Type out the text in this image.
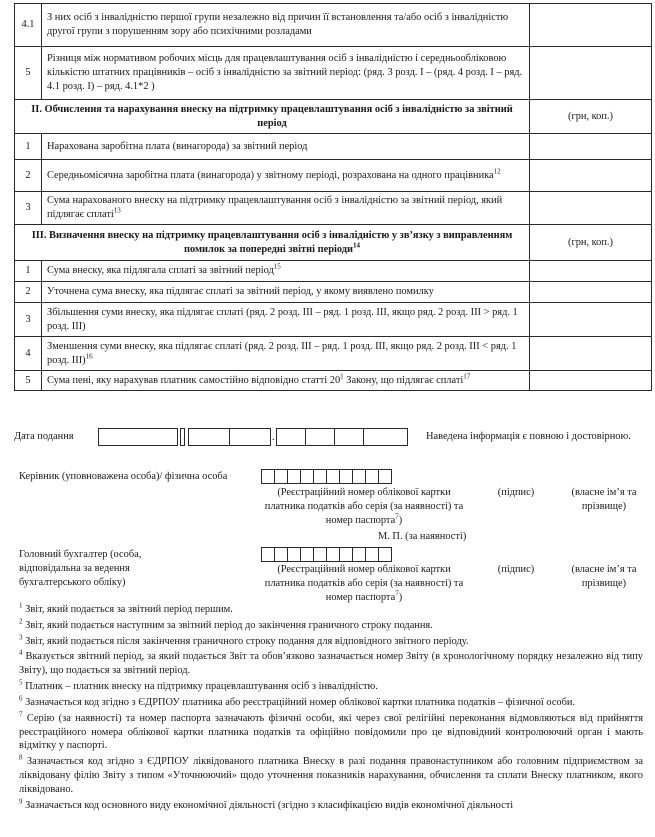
4.1	З них осіб з інвалідністю першої групи незалежно від причин її встановлення та/або осіб з інвалідністю другої групи з порушенням зору або психічними розладами	
5	Різниця між нормативом робочих місць для працевлаштування осіб з інвалідністю і середньообліковою кількістю штатних працівників – осіб з інвалідністю за звітний період: (ряд. 3 розд. І – (ряд. 4 розд. І – ряд. 4.1 розд. І) – ряд. 4.1*2 )	
ІІ. Обчислення та нарахування внеску на підтримку працевлаштування осіб з інвалідністю за звітний період		(грн, коп.)
1	Нарахована заробітна плата (винагорода) за звітний період	
2	Середньомісячна заробітна плата (винагорода) у звітному періоді, розрахована на одного працівника$^{12}$	
3	Сума нарахованого внеску на підтримку працевлаштування осіб з інвалідністю за звітний період, який підлягає сплаті$^{13}$	
ІІІ. Визначення внеску на підтримку працевлаштування осіб з інвалідністю у зв’язку з виправленням помилок за попередні звітні періоди$^{14}$		(грн, коп.)
1	Сума внеску, яка підлягала сплаті за звітний період$^{15}$	
2	Уточнена сума внеску, яка підлягає сплаті за звітний період, у якому виявлено помилку	
3	Збільшення суми внеску, яка підлягає сплаті (ряд. 2 розд. ІІІ – ряд. 1 розд. ІІІ, якщо ряд. 2 розд. ІІІ > ряд. 1 розд. ІІІ)	
4	Зменшення суми внеску, яка підлягає сплаті (ряд. 2 розд. ІІІ – ряд. 1 розд. ІІІ, якщо ряд. 2 розд. ІІІ < ряд. 1 розд. ІІІ)$^{16}$	
5	Сума пені, яку нарахував платник самостійно відповідно статті $20^1$ Закону, що підлягає сплаті$^{17}$	
Дата подання	.	.	Наведена інформація є повною і достовірною.
Керівник (уповноважена особа)/ фізична особа
(Реєстраційний номер облікової картки платника податків або серія (за наявності) та номер паспорта$^7$)
(підпис)	(власне ім’я та прізвище)
М. П. (за наявності)
Головний бухгалтер (особа, відповідальна за ведення бухгалтерського обліку)
(Реєстраційний номер облікової картки платника податків або серія (за наявності) та номер паспорта$^7$)
(підпис)	(власне ім’я та прізвище)

$^1$ Звіт, який подається за звітний період першим.

$^2$ Звіт, який подається наступним за звітний період до закінчення граничного строку подання.

$^3$ Звіт, який подається після закінчення граничного строку подання для відповідного звітного періоду.

$^4$ Вказується звітний період, за який подається Звіт та обов’язково зазначається номер Звіту (в хронологічному порядку незалежно від типу Звіту), що подається за звітний період.

$^5$ Платник – платник внеску на підтримку працевлаштування осіб з інвалідністю.

$^6$ Зазначається код згідно з ЄДРПОУ платника або реєстраційний номер облікової картки платника податків – фізичної особи.

$^7$ Серію (за наявності) та номер паспорта зазначають фізичні особи, які через свої релігійні переконання відмовляються від прийняття реєстраційного номера облікової картки платника податків та офіційно повідомили про це відповідний контролюючий орган і мають відмітку у паспорті.

$^8$ Зазначається код згідно з ЄДРПОУ ліквідованого платника Внеску в разі подання правонаступником або головним підприємством за ліквідовану філію Звіту з типом «Уточнюючий» щодо уточнення показників нарахування, обчислення та сплати Внеску платником, якого ліквідовано.

$^9$ Зазначається код основного виду економічної діяльності (згідно з класифікацією видів економічної діяльності
